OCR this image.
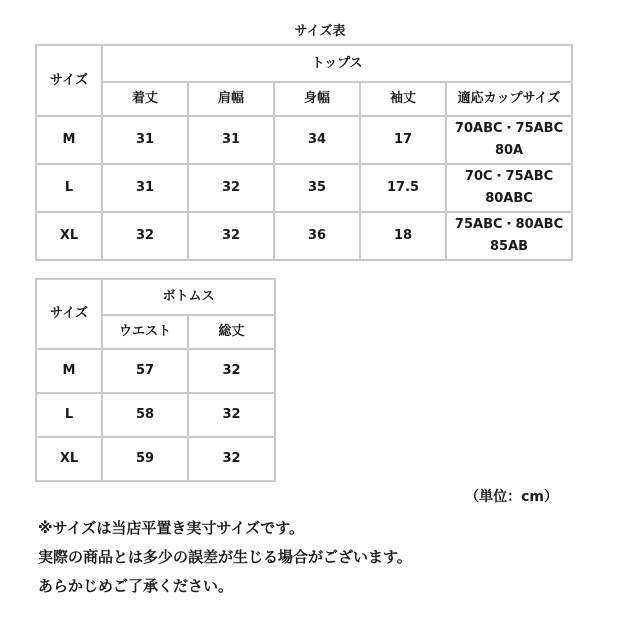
サイズ表
サイズ	トップス				
	着丈	肩幅	身幅	袖丈	適応カップサイズ
M	31	31	34	17	70ABC・75ABC
80A

L	31	32	35	17.5	70C・75ABC
80ABC

XL	32	32	36	18	75ABC・80ABC
85AB
サイズ	ボトムス	
	ウエスト	総丈
M	57	32
L	58	32
XL	59	32
（単位：cm）
※サイズは当店平置き実寸サイズです。
実際の商品とは多少の誤差が生じる場合がございます。
あらかじめご了承ください。
